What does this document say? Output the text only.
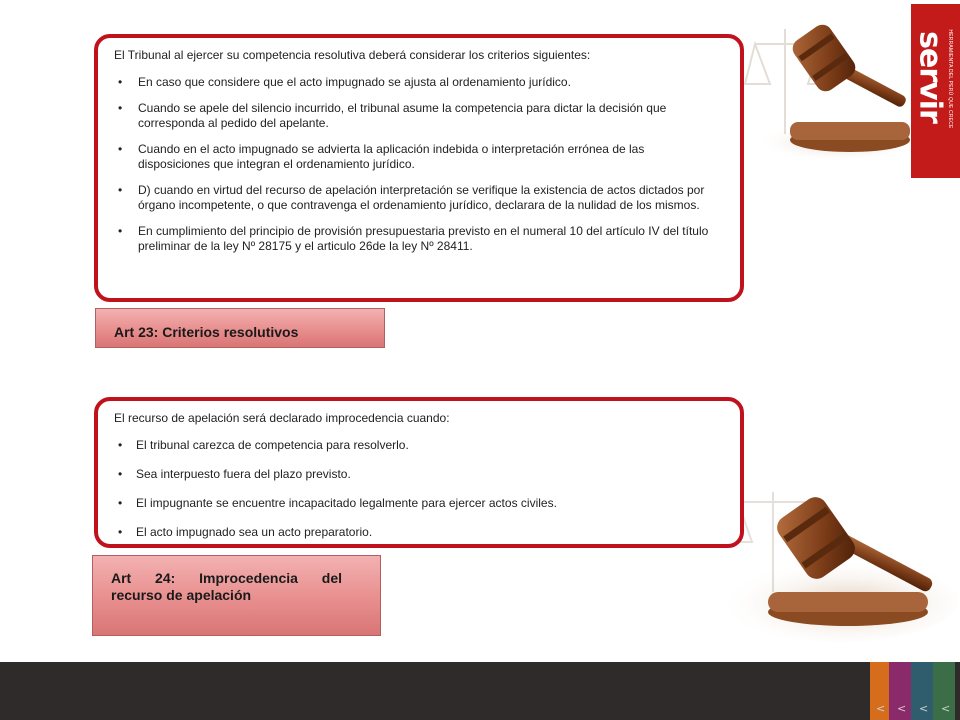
El Tribunal al ejercer su competencia resolutiva deberá considerar los criterios siguientes:

• En caso que considere que el acto impugnado se ajusta al ordenamiento jurídico.
• Cuando se apele del silencio incurrido, el tribunal asume la competencia para dictar la decisión que corresponda al pedido del apelante.
• Cuando en el acto impugnado se advierta la aplicación indebida o interpretación errónea de las disposiciones que integran el ordenamiento jurídico.
• D) cuando en virtud del recurso de apelación interpretación se verifique la existencia de actos dictados por órgano incompetente, o que contravenga el ordenamiento jurídico, declarara de la nulidad de los mismos.
• En cumplimiento del principio de provisión presupuestaria previsto en el numeral 10 del artículo IV del título preliminar de la ley Nº 28175 y el articulo 26de la ley Nº 28411.
Art 23: Criterios resolutivos

El recurso de apelación será declarado improcedencia cuando:

• El tribunal carezca de competencia para resolverlo.
• Sea interpuesto fuera del plazo previsto.
• El impugnante se encuentre incapacitado legalmente para ejercer actos civiles.
• El acto impugnado sea un acto preparatorio.
Art 24: Improcedencia del
recurso de apelación
servir HERRAMIENTA DEL PERÚ QUE CRECE
< < < <
